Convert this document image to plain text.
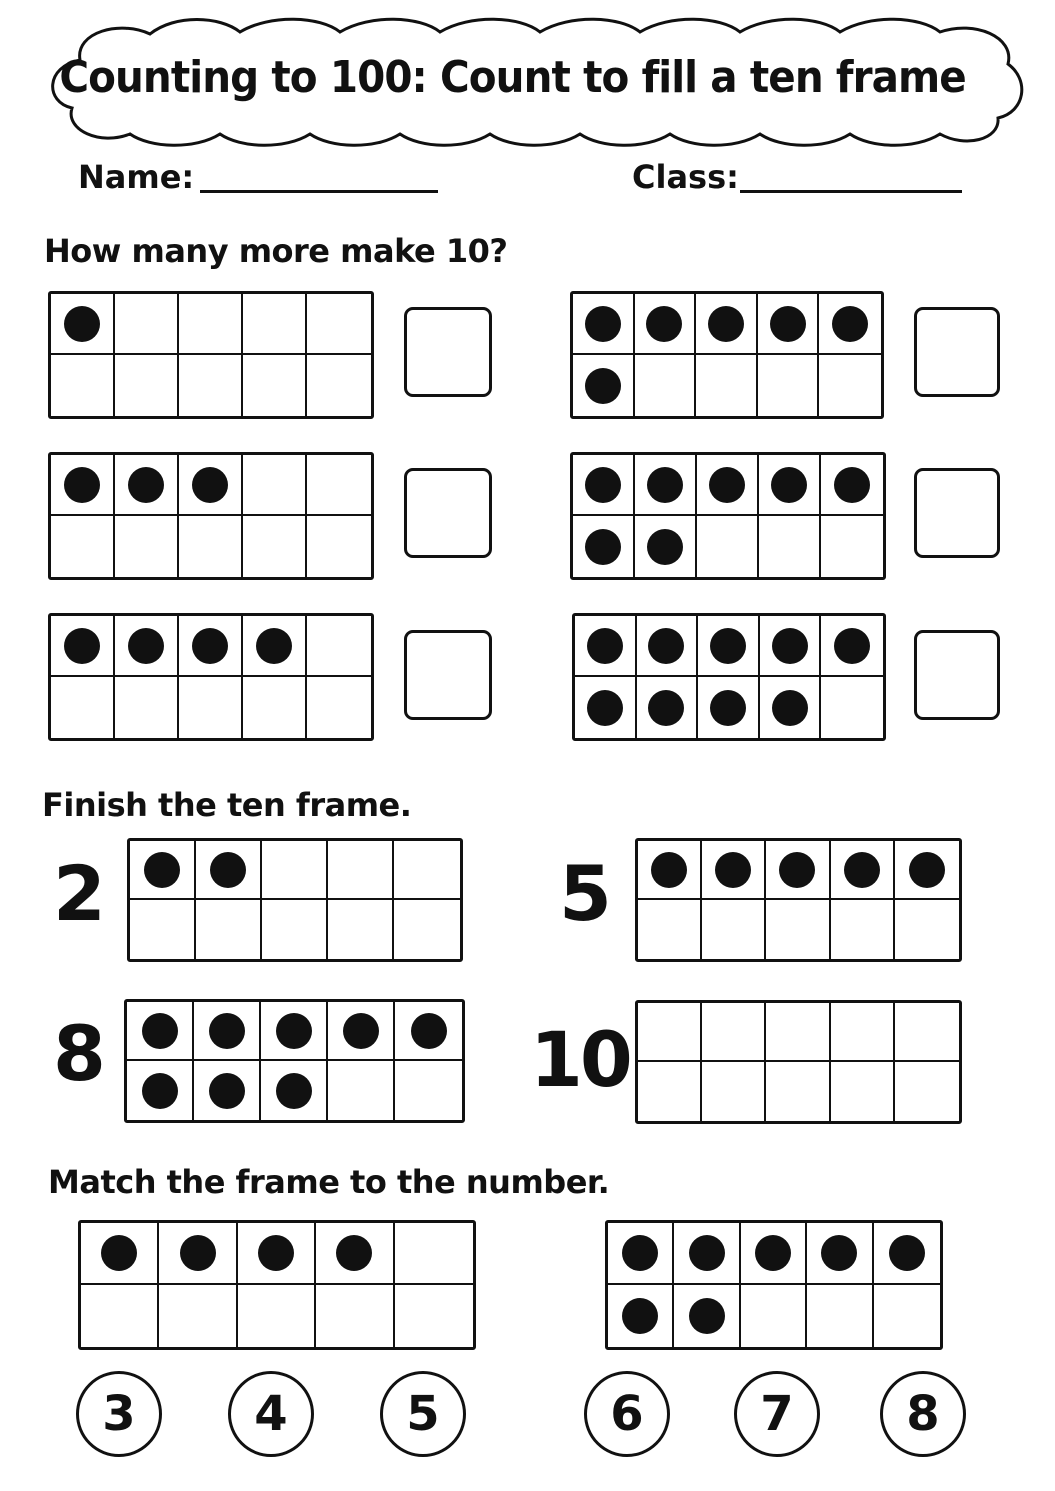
Counting to 100: Count to fill a ten frame
Name:	Class:
How many more make 10?
Finish the ten frame.
2	5
8	10
Match the frame to the number.
3	4	5	6	7	8
